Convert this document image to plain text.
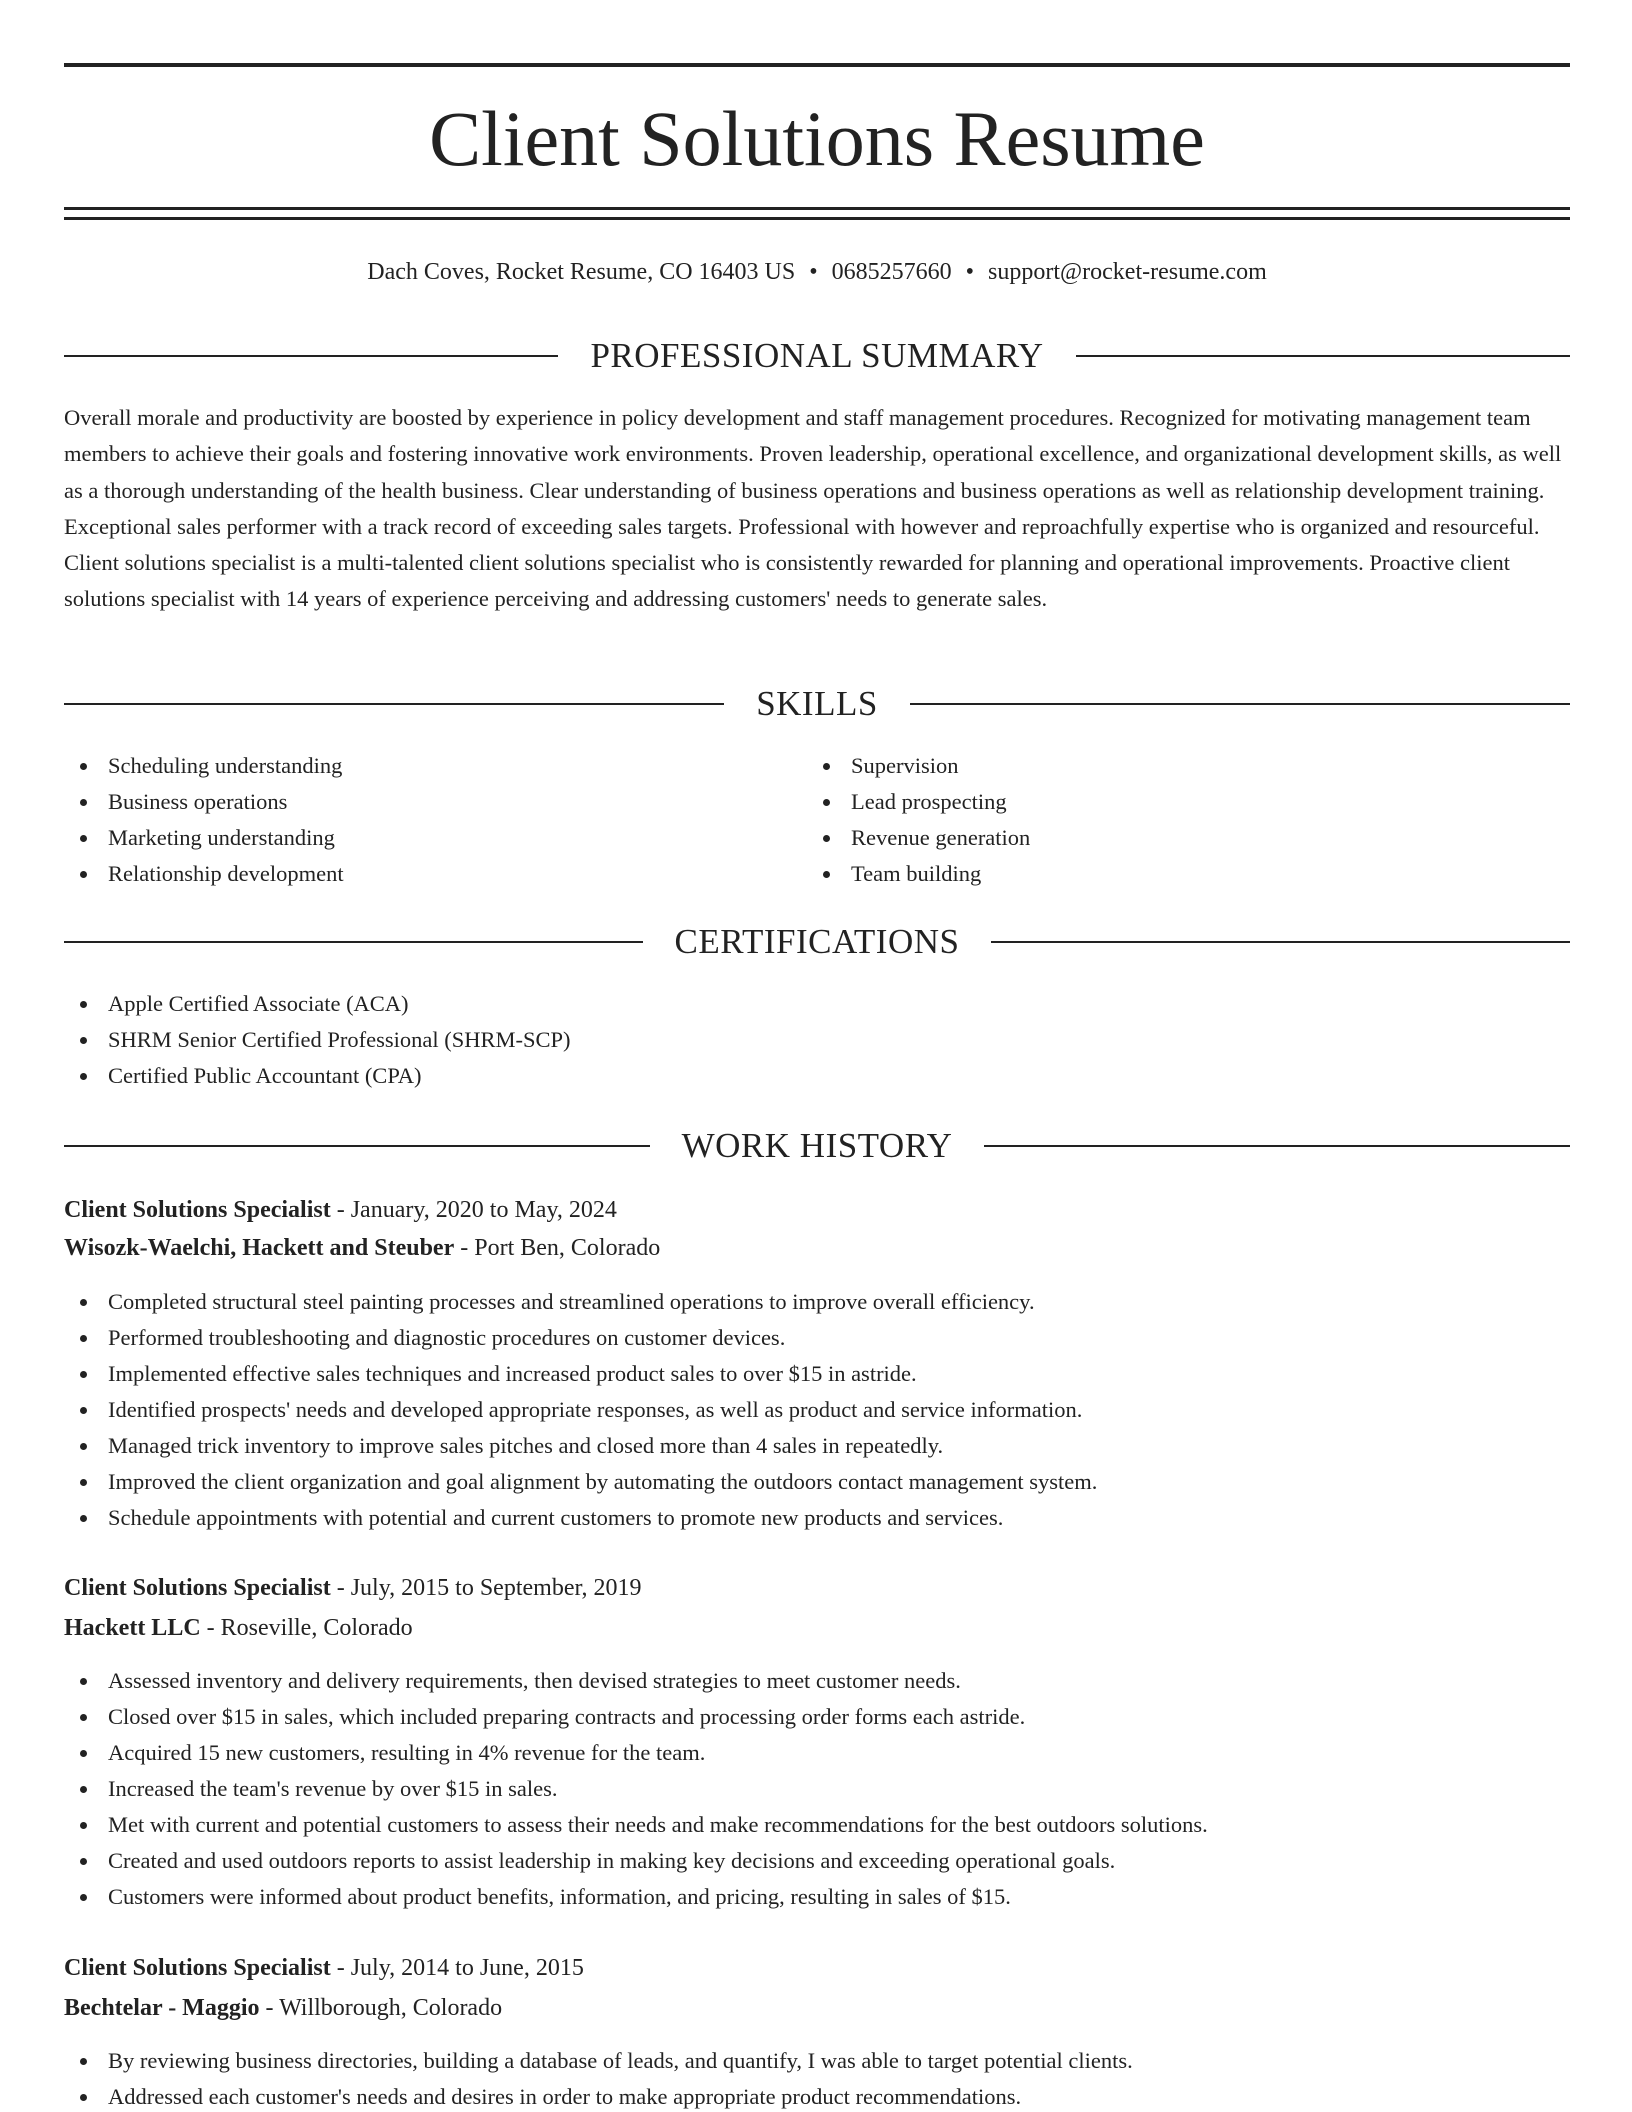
Client Solutions Resume
Dach Coves, Rocket Resume, CO 16403 US • 0685257660 • support@rocket-resume.com
PROFESSIONAL SUMMARY

Overall morale and productivity are boosted by experience in policy development and staff management procedures. Recognized for motivating management team members to achieve their goals and fostering innovative work environments. Proven leadership, operational excellence, and organizational development skills, as well as a thorough understanding of the health business. Clear understanding of business operations and business operations as well as relationship development training. Exceptional sales performer with a track record of exceeding sales targets. Professional with however and reproachfully expertise who is organized and resourceful. Client solutions specialist is a multi-talented client solutions specialist who is consistently rewarded for planning and operational improvements. Proactive client solutions specialist with 14 years of experience perceiving and addressing customers' needs to generate sales.

SKILLS
Scheduling understanding
Business operations
Marketing understanding
Relationship development
Supervision
Lead prospecting
Revenue generation
Team building
CERTIFICATIONS
Apple Certified Associate (ACA)
SHRM Senior Certified Professional (SHRM-SCP)
Certified Public Accountant (CPA)
WORK HISTORY
Client Solutions Specialist - January, 2020 to May, 2024
Wisozk-Waelchi, Hackett and Steuber - Port Ben, Colorado
Completed structural steel painting processes and streamlined operations to improve overall efficiency.
Performed troubleshooting and diagnostic procedures on customer devices.
Implemented effective sales techniques and increased product sales to over $15 in astride.
Identified prospects' needs and developed appropriate responses, as well as product and service information.
Managed trick inventory to improve sales pitches and closed more than 4 sales in repeatedly.
Improved the client organization and goal alignment by automating the outdoors contact management system.
Schedule appointments with potential and current customers to promote new products and services.
Client Solutions Specialist - July, 2015 to September, 2019
Hackett LLC - Roseville, Colorado
Assessed inventory and delivery requirements, then devised strategies to meet customer needs.
Closed over $15 in sales, which included preparing contracts and processing order forms each astride.
Acquired 15 new customers, resulting in 4% revenue for the team.
Increased the team's revenue by over $15 in sales.
Met with current and potential customers to assess their needs and make recommendations for the best outdoors solutions.
Created and used outdoors reports to assist leadership in making key decisions and exceeding operational goals.
Customers were informed about product benefits, information, and pricing, resulting in sales of $15.
Client Solutions Specialist - July, 2014 to June, 2015
Bechtelar - Maggio - Willborough, Colorado
By reviewing business directories, building a database of leads, and quantify, I was able to target potential clients.
Addressed each customer's needs and desires in order to make appropriate product recommendations.
